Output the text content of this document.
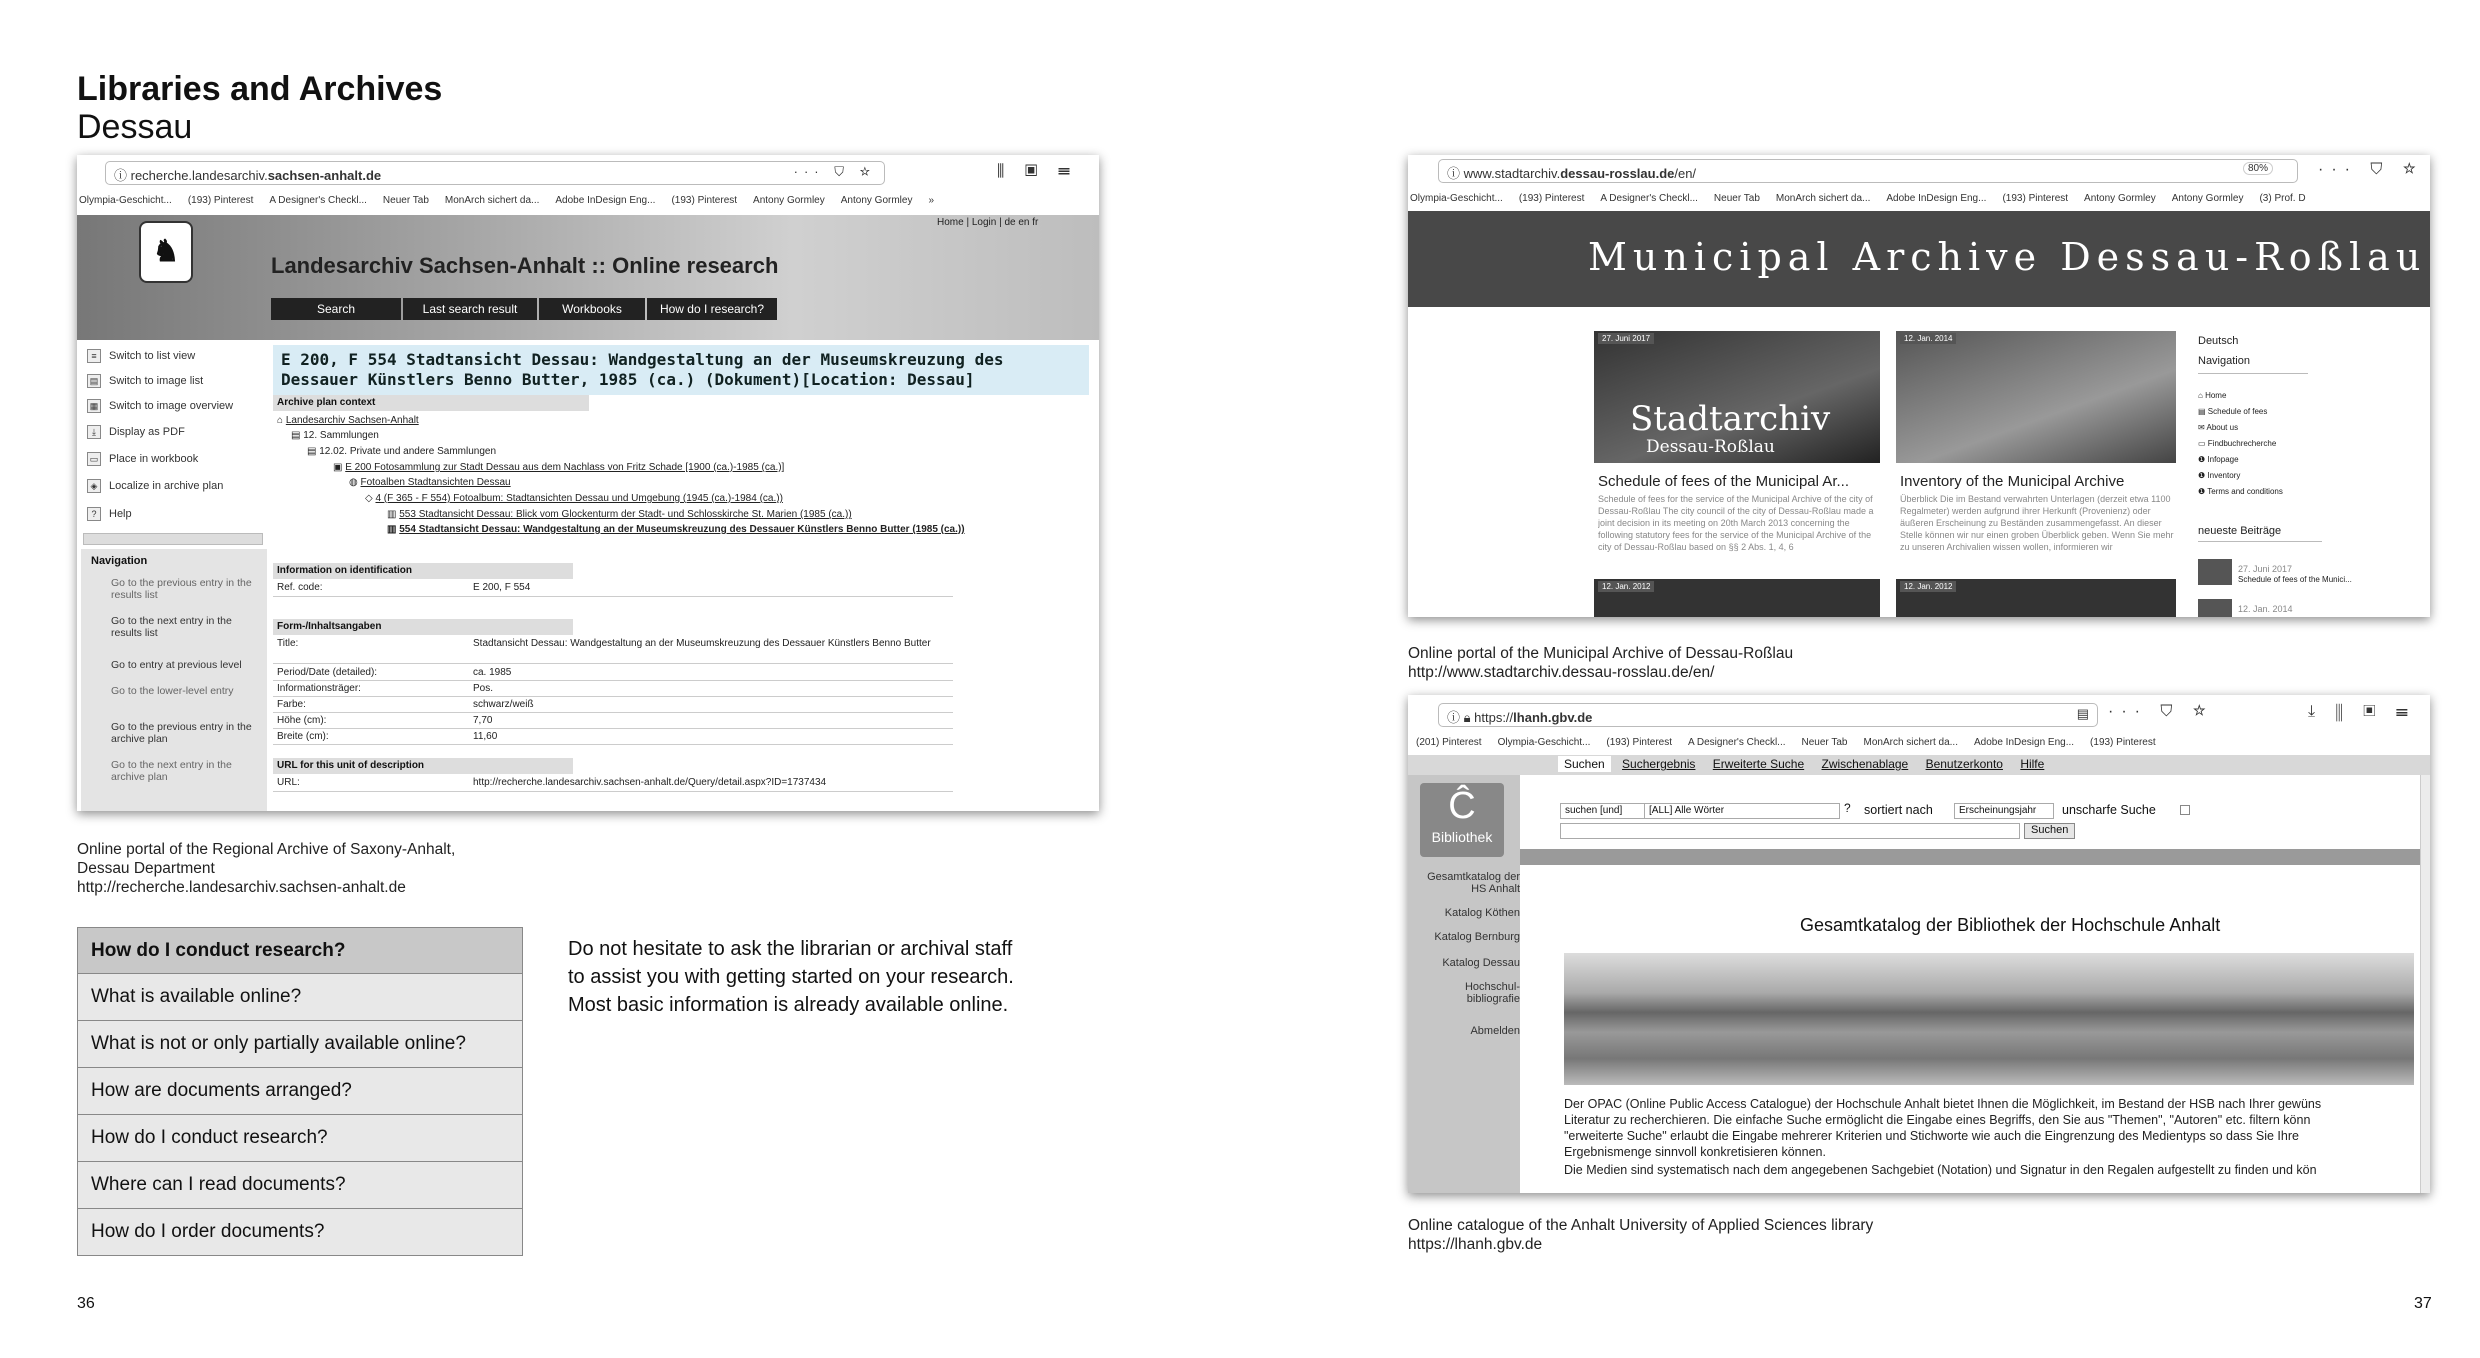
Libraries and Archives
Dessau
ⓘ recherche.landesarchiv.sachsen-anhalt.de	··· ⛉ ☆	⫼ ▣ ☰
Olympia-Geschicht... (193) Pinterest A Designer's Checkl... Neuer Tab MonArch sichert da... Adobe InDesign Eng... (193) Pinterest Antony Gormley Antony Gormley »
♞
Home | Login | de en fr
Landesarchiv Sachsen-Anhalt :: Online research
Search	Last search result	Workbooks	How do I research?
≡ Switch to list view
▤ Switch to image list
▦ Switch to image overview
⤓ Display as PDF
▭ Place in workbook
◈ Localize in archive plan
? Help
Navigation
Go to the previous entry in the results list
Go to the next entry in the results list
Go to entry at previous level
Go to the lower-level entry
Go to the previous entry in the archive plan
Go to the next entry in the archive plan
E 200, F 554 Stadtansicht Dessau: Wandgestaltung an der Museumskreuzung des Dessauer Künstlers Benno Butter, 1985 (ca.) (Dokument)[Location: Dessau]
Archive plan context
⌂ Landesarchiv Sachsen-Anhalt
▤ 12. Sammlungen
▤ 12.02. Private und andere Sammlungen
▣ E 200 Fotosammlung zur Stadt Dessau aus dem Nachlass von Fritz Schade [1900 (ca.)-1985 (ca.)]
◍ Fotoalben Stadtansichten Dessau
◇ 4 (F 365 - F 554) Fotoalbum: Stadtansichten Dessau und Umgebung (1945 (ca.)-1984 (ca.))
▥ 553 Stadtansicht Dessau: Blick vom Glockenturm der Stadt- und Schlosskirche St. Marien (1985 (ca.))
▥ 554 Stadtansicht Dessau: Wandgestaltung an der Museumskreuzung des Dessauer Künstlers Benno Butter (1985 (ca.))
Information on identification
Ref. code:	E 200, F 554
Form-/Inhaltsangaben
Title:	Stadtansicht Dessau: Wandgestaltung an der Museumskreuzung des Dessauer Künstlers Benno Butter
Period/Date (detailed):	ca. 1985
Informationsträger:	Pos.
Farbe:	schwarz/weiß
Höhe (cm):	7,70
Breite (cm):	11,60
URL for this unit of description
URL:	http://recherche.landesarchiv.sachsen-anhalt.de/Query/detail.aspx?ID=1737434
Online portal of the Regional Archive of Saxony-Anhalt,
Dessau Department
http://recherche.landesarchiv.sachsen-anhalt.de
How do I conduct research?
What is available online?
What is not or only partially available online?
How are documents arranged?
How do I conduct research?
Where can I read documents?
How do I order documents?
Do not hesitate to ask the librarian or archival staff
to assist you with getting started on your research.
Most basic information is already available online.
36	37
ⓘ www.stadtarchiv.dessau-rosslau.de/en/	80%	··· ⛉ ☆
Olympia-Geschicht... (193) Pinterest A Designer's Checkl... Neuer Tab MonArch sichert da... Adobe InDesign Eng... (193) Pinterest Antony Gormley Antony Gormley (3) Prof. D
Municipal Archive Dessau-Roßlau
27. Juni 2017
Stadtarchiv
Dessau-Roßlau
Schedule of fees of the Municipal Ar...
Schedule of fees for the service of the Municipal Archive of the city of Dessau-Roßlau The city council of the city of Dessau-Roßlau made a joint decision in its meeting on 20th March 2013 concerning the following statutory fees for the service of the Municipal Archive of the city of Dessau-Roßlau based on §§ 2 Abs. 1, 4, 6
12. Jan. 2014
Inventory of the Municipal Archive
Überblick Die im Bestand verwahrten Unterlagen (derzeit etwa 1100 Regalmeter) werden aufgrund ihrer Herkunft (Provenienz) oder äußeren Erscheinung zu Beständen zusammengefasst. An dieser Stelle können wir nur einen groben Überblick geben. Wenn Sie mehr zu unseren Archivalien wissen wollen, informieren wir
12. Jan. 2012	12. Jan. 2012
Deutsch
Navigation
⌂ Home
▤ Schedule of fees
✉ About us
▭ Findbuchrecherche
❶ Infopage
❶ Inventory
❶ Terms and conditions
neueste Beiträge
27. Juni 2017
Schedule of fees of the Munici...
12. Jan. 2014
Online portal of the Municipal Archive of Dessau-Roßlau
http://www.stadtarchiv.dessau-rosslau.de/en/
ⓘ 🔒︎ https://lhanh.gbv.de	▤ ··· ⛉ ☆	⤓ ⫼ ▣ ☰
(201) Pinterest Olympia-Geschicht... (193) Pinterest A Designer's Checkl... Neuer Tab MonArch sichert da... Adobe InDesign Eng... (193) Pinterest
Suchen Suchergebnis Erweiterte Suche Zwischenablage Benutzerkonto Hilfe
Ĉ
Bibliothek
suchen [und]	[ALL] Alle Wörter	? sortiert nach	Erscheinungsjahr	unscharfe Suche
Suchen
Gesamtkatalog der
HS Anhalt
Katalog Köthen
Katalog Bernburg
Katalog Dessau
Hochschul-
bibliografie
Abmelden
Gesamtkatalog der Bibliothek der Hochschule Anhalt
Der OPAC (Online Public Access Catalogue) der Hochschule Anhalt bietet Ihnen die Möglichkeit, im Bestand der HSB nach Ihrer gewüns
Literatur zu recherchieren. Die einfache Suche ermöglicht die Eingabe eines Begriffs, den Sie aus "Themen", "Autoren" etc. filtern könn
"erweiterte Suche" erlaubt die Eingabe mehrerer Kriterien und Stichworte wie auch die Eingrenzung des Medientyps so dass Sie Ihre
Ergebnismenge sinnvoll konkretisieren können.
Die Medien sind systematisch nach dem angegebenen Sachgebiet (Notation) und Signatur in den Regalen aufgestellt zu finden und kön
Online catalogue of the Anhalt University of Applied Sciences library
https://lhanh.gbv.de
